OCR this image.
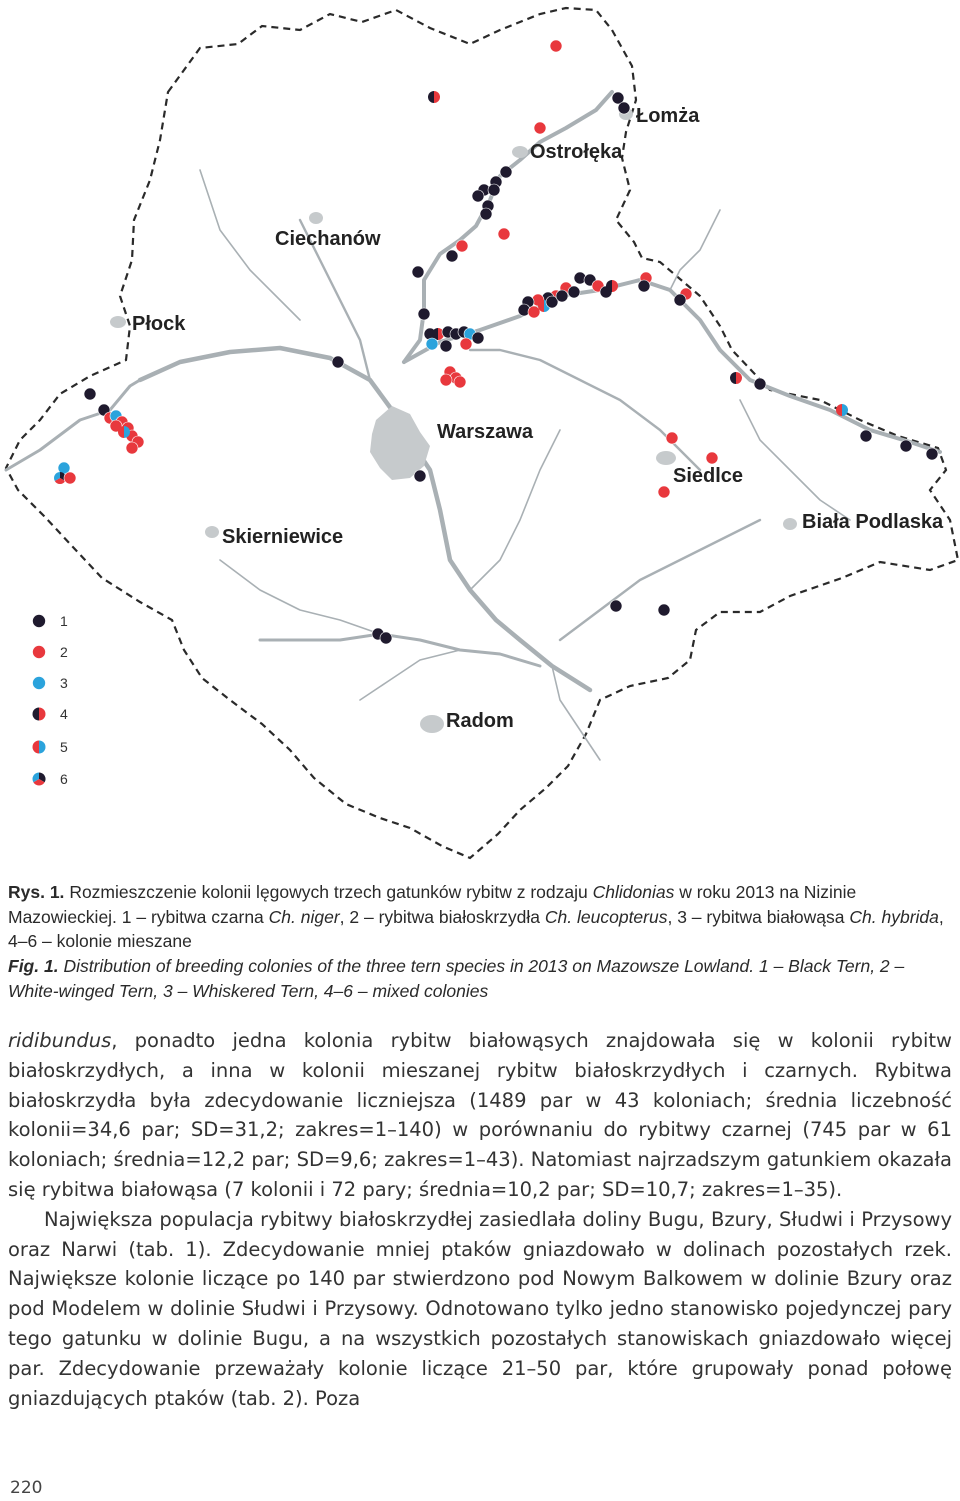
Łomża
Ostrołęka
Ciechanów
Płock
Warszawa
Siedlce
Biała Podlaska
Skierniewice
Radom
1
2
3
4
5
6
Rys. 1. Rozmieszczenie kolonii lęgowych trzech gatunków rybitw z rodzaju Chlidonias w roku 2013 na Nizinie Mazowieckiej. 1 – rybitwa czarna Ch. niger, 2 – rybitwa białoskrzydła Ch. leucopterus, 3 – rybitwa białowąsa Ch. hybrida, 4–6 – kolonie mieszane
Fig. 1. Distribution of breeding colonies of the three tern species in 2013 on Mazowsze Lowland. 1 – Black Tern, 2 – White-winged Tern, 3 – Whiskered Tern, 4–6 – mixed colonies

ridibundus, ponadto jedna kolonia rybitw białowąsych znajdowała się w kolonii rybitw białoskrzydłych, a inna w kolonii mieszanej rybitw białoskrzydłych i czarnych. Rybitwa białoskrzydła była zdecydowanie liczniejsza (1489 par w 43 koloniach; średnia liczebność kolonii=34,6 par; SD=31,2; zakres=1–140) w porównaniu do rybitwy czarnej (745 par w 61 koloniach; średnia=12,2 par; SD=9,6; zakres=1–43). Natomiast najrzadszym gatunkiem okazała się rybitwa białowąsa (7 kolonii i 72 pary; średnia=10,2 par; SD=10,7; zakres=1–35).

Największa populacja rybitwy białoskrzydłej zasiedlała doliny Bugu, Bzury, Słudwi i Przysowy oraz Narwi (tab. 1). Zdecydowanie mniej ptaków gniazdowało w dolinach pozostałych rzek. Największe kolonie liczące po 140 par stwierdzono pod Nowym Balkowem w dolinie Bzury oraz pod Modelem w dolinie Słudwi i Przysowy. Odnotowano tylko jedno stanowisko pojedynczej pary tego gatunku w dolinie Bugu, a na wszystkich pozostałych stanowiskach gniazdowało więcej par. Zdecydowanie przeważały kolonie liczące 21–50 par, które grupowały ponad połowę gniazdujących ptaków (tab. 2). Poza

220
